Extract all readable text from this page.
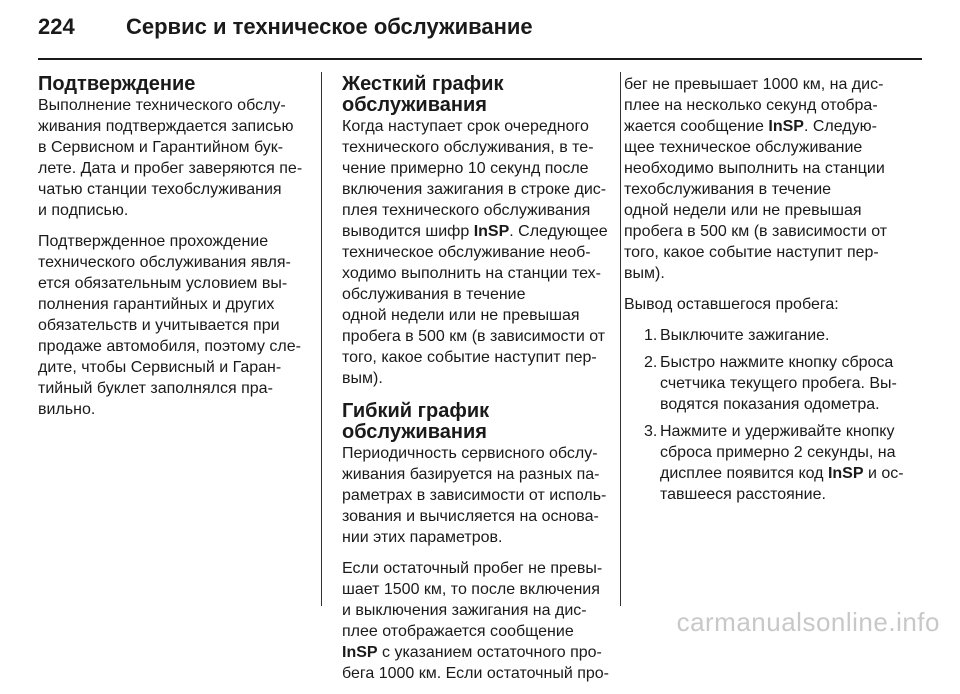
224 Сервис и техническое обслуживание
Подтверждение

Выполнение технического обслу-
живания подтверждается записью
в Сервисном и Гарантийном бук-
лете. Дата и пробег заверяются пе-
чатью станции техобслуживания
и подписью.

Подтвержденное прохождение
технического обслуживания явля-
ется обязательным условием вы-
полнения гарантийных и других
обязательств и учитывается при
продаже автомобиля, поэтому сле-
дите, чтобы Сервисный и Гаран-
тийный буклет заполнялся пра-
вильно.

Жесткий график
обслуживания

Когда наступает срок очередного
технического обслуживания, в те-
чение примерно 10 секунд после
включения зажигания в строке дис-
плея технического обслуживания
выводится шифр InSP. Следующее
техническое обслуживание необ-
ходимо выполнить на станции тех-
обслуживания в течение
одной недели или не превышая
пробега в 500 км (в зависимости от
того, какое событие наступит пер-
вым).

Гибкий график обслуживания

Периодичность сервисного обслу-
живания базируется на разных па-
раметрах в зависимости от исполь-
зования и вычисляется на основа-
нии этих параметров.

Если остаточный пробег не превы-
шает 1500 км, то после включения
и выключения зажигания на дис-
плее отображается сообщение
InSP с указанием остаточного про-
бега 1000 км. Если остаточный про-

бег не превышает 1000 км, на дис-
плее на несколько секунд отобра-
жается сообщение InSP. Следую-
щее техническое обслуживание
необходимо выполнить на станции
техобслуживания в течение
одной недели или не превышая
пробега в 500 км (в зависимости от
того, какое событие наступит пер-
вым).

Вывод оставшегося пробега:

1. Выключите зажигание.
2. Быстро нажмите кнопку сброса
счетчика текущего пробега. Вы-
водятся показания одометра.
3. Нажмите и удерживайте кнопку
сброса примерно 2 секунды, на
дисплее появится код InSP и ос-
тавшееся расстояние.
carmanualsonline.info
